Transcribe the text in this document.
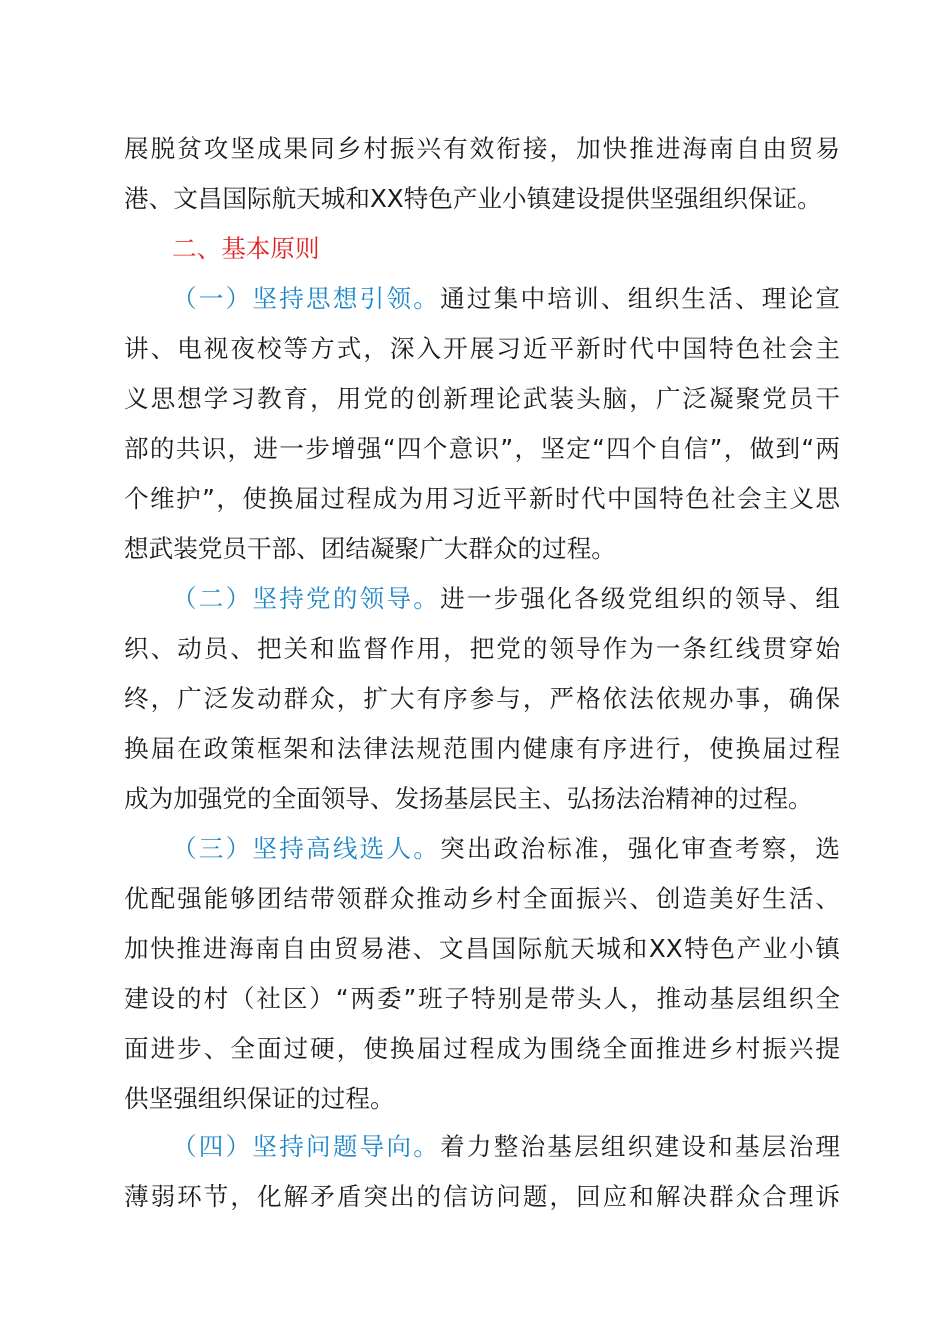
展脱贫攻坚成果同乡村振兴有效衔接，加快推进海南自由贸易
港、文昌国际航天城和XX特色产业小镇建设提供坚强组织保证。
二、基本原则
（一）坚持思想引领。通过集中培训、组织生活、理论宣
讲、电视夜校等方式，深入开展习近平新时代中国特色社会主
义思想学习教育，用党的创新理论武装头脑，广泛凝聚党员干
部的共识，进一步增强“四个意识”，坚定“四个自信”，做到“两
个维护”，使换届过程成为用习近平新时代中国特色社会主义思
想武装党员干部、团结凝聚广大群众的过程。
（二）坚持党的领导。进一步强化各级党组织的领导、组
织、动员、把关和监督作用，把党的领导作为一条红线贯穿始
终，广泛发动群众，扩大有序参与，严格依法依规办事，确保
换届在政策框架和法律法规范围内健康有序进行，使换届过程
成为加强党的全面领导、发扬基层民主、弘扬法治精神的过程。
（三）坚持高线选人。突出政治标准，强化审查考察，选
优配强能够团结带领群众推动乡村全面振兴、创造美好生活、
加快推进海南自由贸易港、文昌国际航天城和XX特色产业小镇
建设的村（社区）“两委”班子特别是带头人，推动基层组织全
面进步、全面过硬，使换届过程成为围绕全面推进乡村振兴提
供坚强组织保证的过程。
（四）坚持问题导向。着力整治基层组织建设和基层治理
薄弱环节，化解矛盾突出的信访问题，回应和解决群众合理诉
